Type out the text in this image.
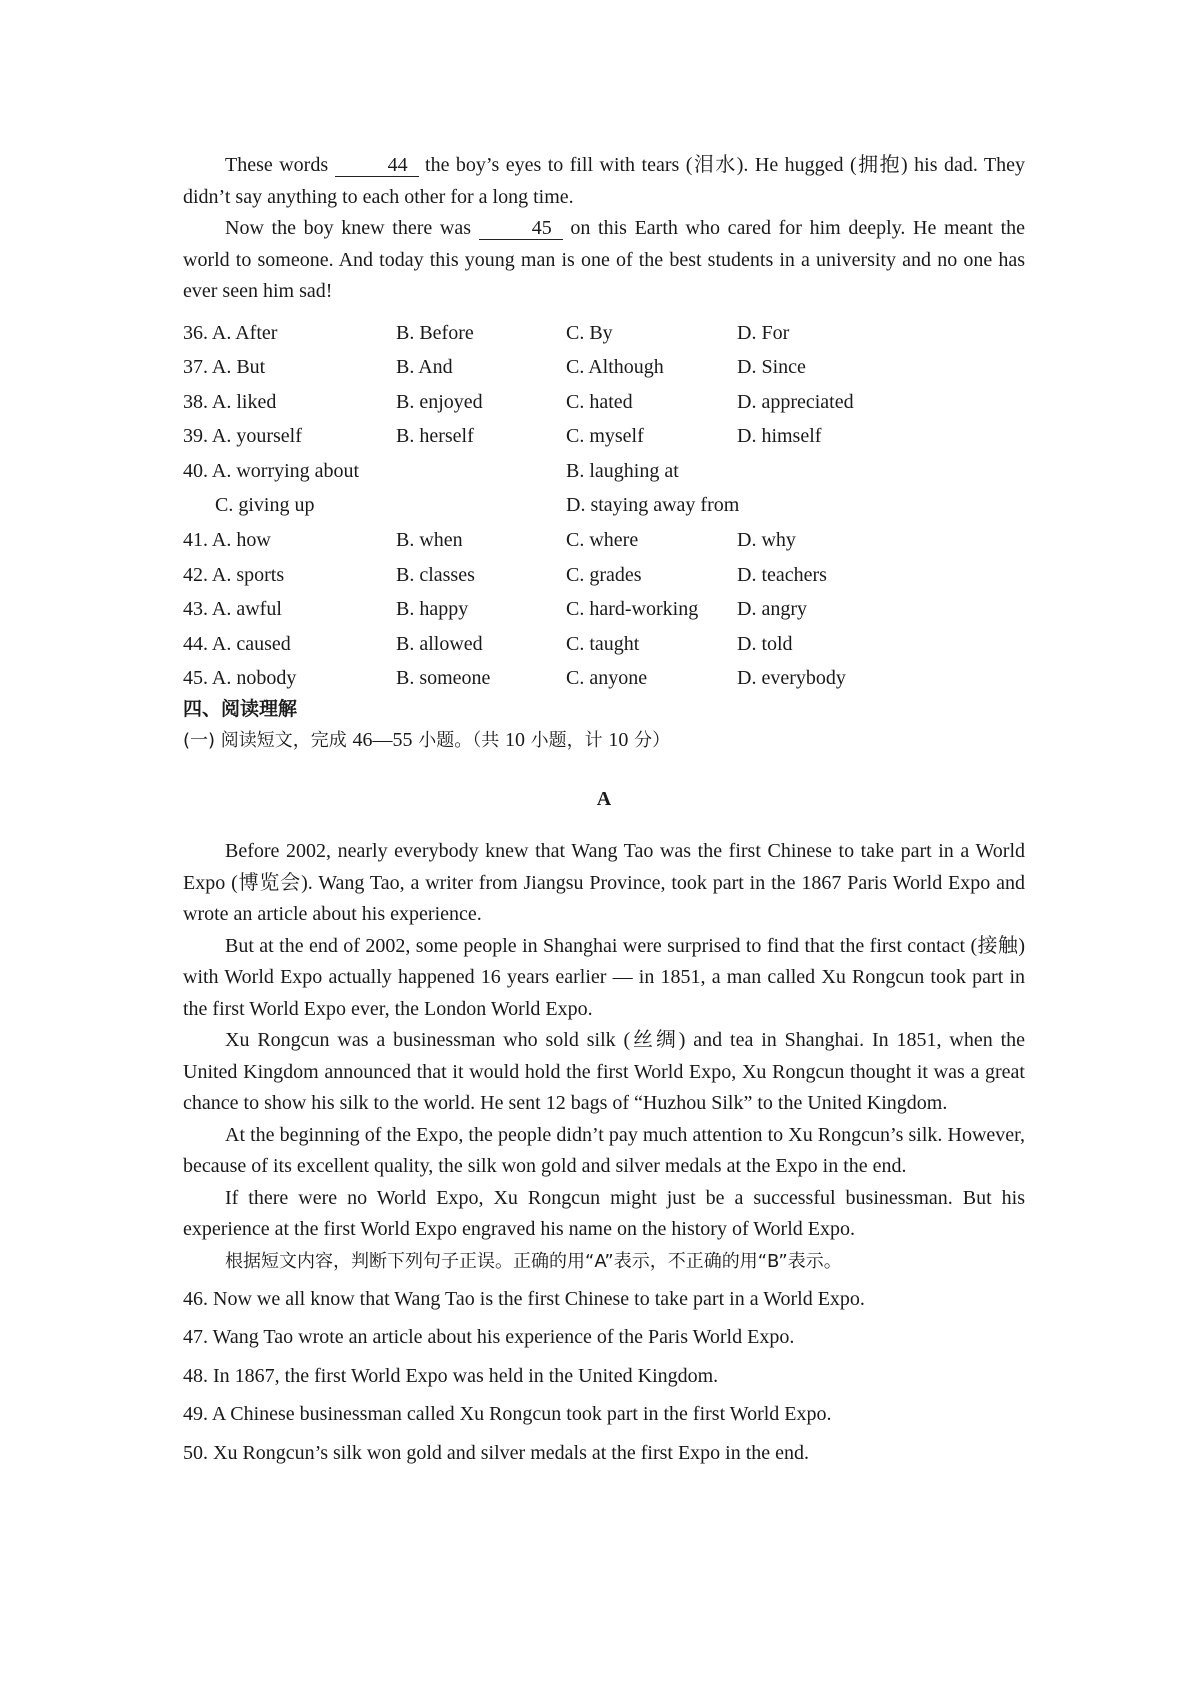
These words	44 the boy’s eyes to fill with tears (泪水). He hugged (拥抱) his dad. They didn’t say anything to each other for a long time.

Now the boy knew there was	45 on this Earth who cared for him deeply. He meant the world to someone. And today this young man is one of the best students in a university and no one has ever seen him sad!

36. A. After	B. Before	C. By	D. For
37. A. But	B. And	C. Although	D. Since
38. A. liked	B. enjoyed	C. hated	D. appreciated
39. A. yourself	B. herself	C. myself	D. himself
40. A. worrying about	B. laughing at
C. giving up	D. staying away from
41. A. how	B. when	C. where	D. why
42. A. sports	B. classes	C. grades	D. teachers
43. A. awful	B. happy	C. hard-working D. angry
44. A. caused	B. allowed	C. taught	D. told
45. A. nobody	B. someone	C. anyone	D. everybody
四、阅读理解
(一) 阅读短文，完成 46—55 小题。（共 10 小题，计 10 分）
A

Before 2002, nearly everybody knew that Wang Tao was the first Chinese to take part in a World Expo (博览会). Wang Tao, a writer from Jiangsu Province, took part in the 1867 Paris World Expo and wrote an article about his experience.

But at the end of 2002, some people in Shanghai were surprised to find that the first contact (接触) with World Expo actually happened 16 years earlier — in 1851, a man called Xu Rongcun took part in the first World Expo ever, the London World Expo.

Xu Rongcun was a businessman who sold silk (丝绸) and tea in Shanghai. In 1851, when the United Kingdom announced that it would hold the first World Expo, Xu Rongcun thought it was a great chance to show his silk to the world. He sent 12 bags of “Huzhou Silk” to the United Kingdom.

At the beginning of the Expo, the people didn’t pay much attention to Xu Rongcun’s silk. However, because of its excellent quality, the silk won gold and silver medals at the Expo in the end.

If there were no World Expo, Xu Rongcun might just be a successful businessman. But his experience at the first World Expo engraved his name on the history of World Expo.

根据短文内容，判断下列句子正误。正确的用“A”表示，不正确的用“B”表示。

46. Now we all know that Wang Tao is the first Chinese to take part in a World Expo.

47. Wang Tao wrote an article about his experience of the Paris World Expo.

48. In 1867, the first World Expo was held in the United Kingdom.

49. A Chinese businessman called Xu Rongcun took part in the first World Expo.

50. Xu Rongcun’s silk won gold and silver medals at the first Expo in the end.
